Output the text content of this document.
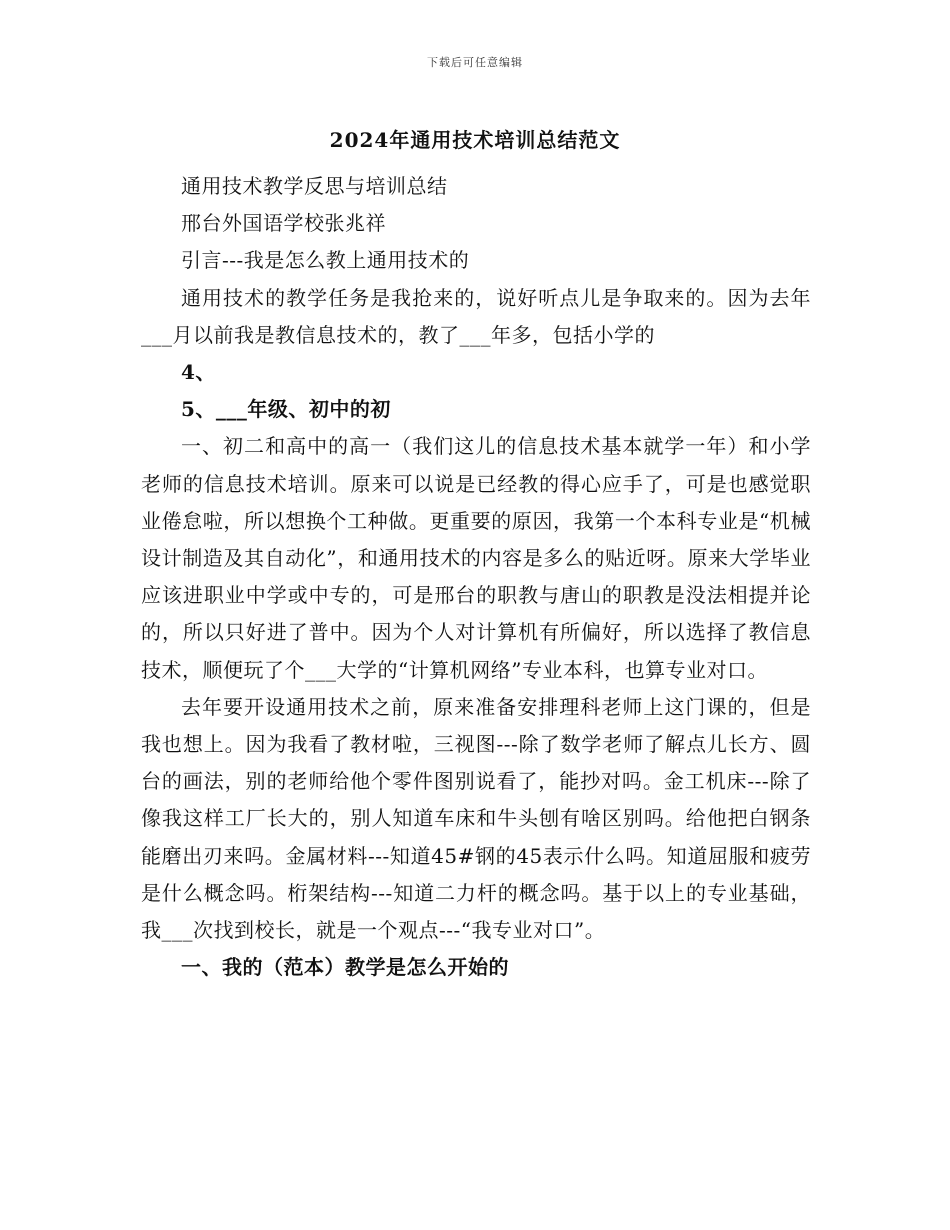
下载后可任意编辑
2024年通用技术培训总结范文

通用技术教学反思与培训总结

邢台外国语学校张兆祥

引言---我是怎么教上通用技术的

通用技术的教学任务是我抢来的，说好听点儿是争取来的。因为去年___月以前我是教信息技术的，教了___年多，包括小学的

4、

5、___年级、初中的初

一、初二和高中的高一（我们这儿的信息技术基本就学一年）和小学老师的信息技术培训。原来可以说是已经教的得心应手了，可是也感觉职业倦怠啦，所以想换个工种做。更重要的原因，我第一个本科专业是“机械设计制造及其自动化”，和通用技术的内容是多么的贴近呀。原来大学毕业应该进职业中学或中专的，可是邢台的职教与唐山的职教是没法相提并论的，所以只好进了普中。因为个人对计算机有所偏好，所以选择了教信息技术，顺便玩了个___大学的“计算机网络”专业本科，也算专业对口。

去年要开设通用技术之前，原来准备安排理科老师上这门课的，但是我也想上。因为我看了教材啦，三视图---除了数学老师了解点儿长方、圆台的画法，别的老师给他个零件图别说看了，能抄对吗。金工机床---除了像我这样工厂长大的，别人知道车床和牛头刨有啥区别吗。给他把白钢条能磨出刃来吗。金属材料---知道45#钢的45表示什么吗。知道屈服和疲劳是什么概念吗。桁架结构---知道二力杆的概念吗。基于以上的专业基础，我___次找到校长，就是一个观点---“我专业对口”。

一、我的（范本）教学是怎么开始的
